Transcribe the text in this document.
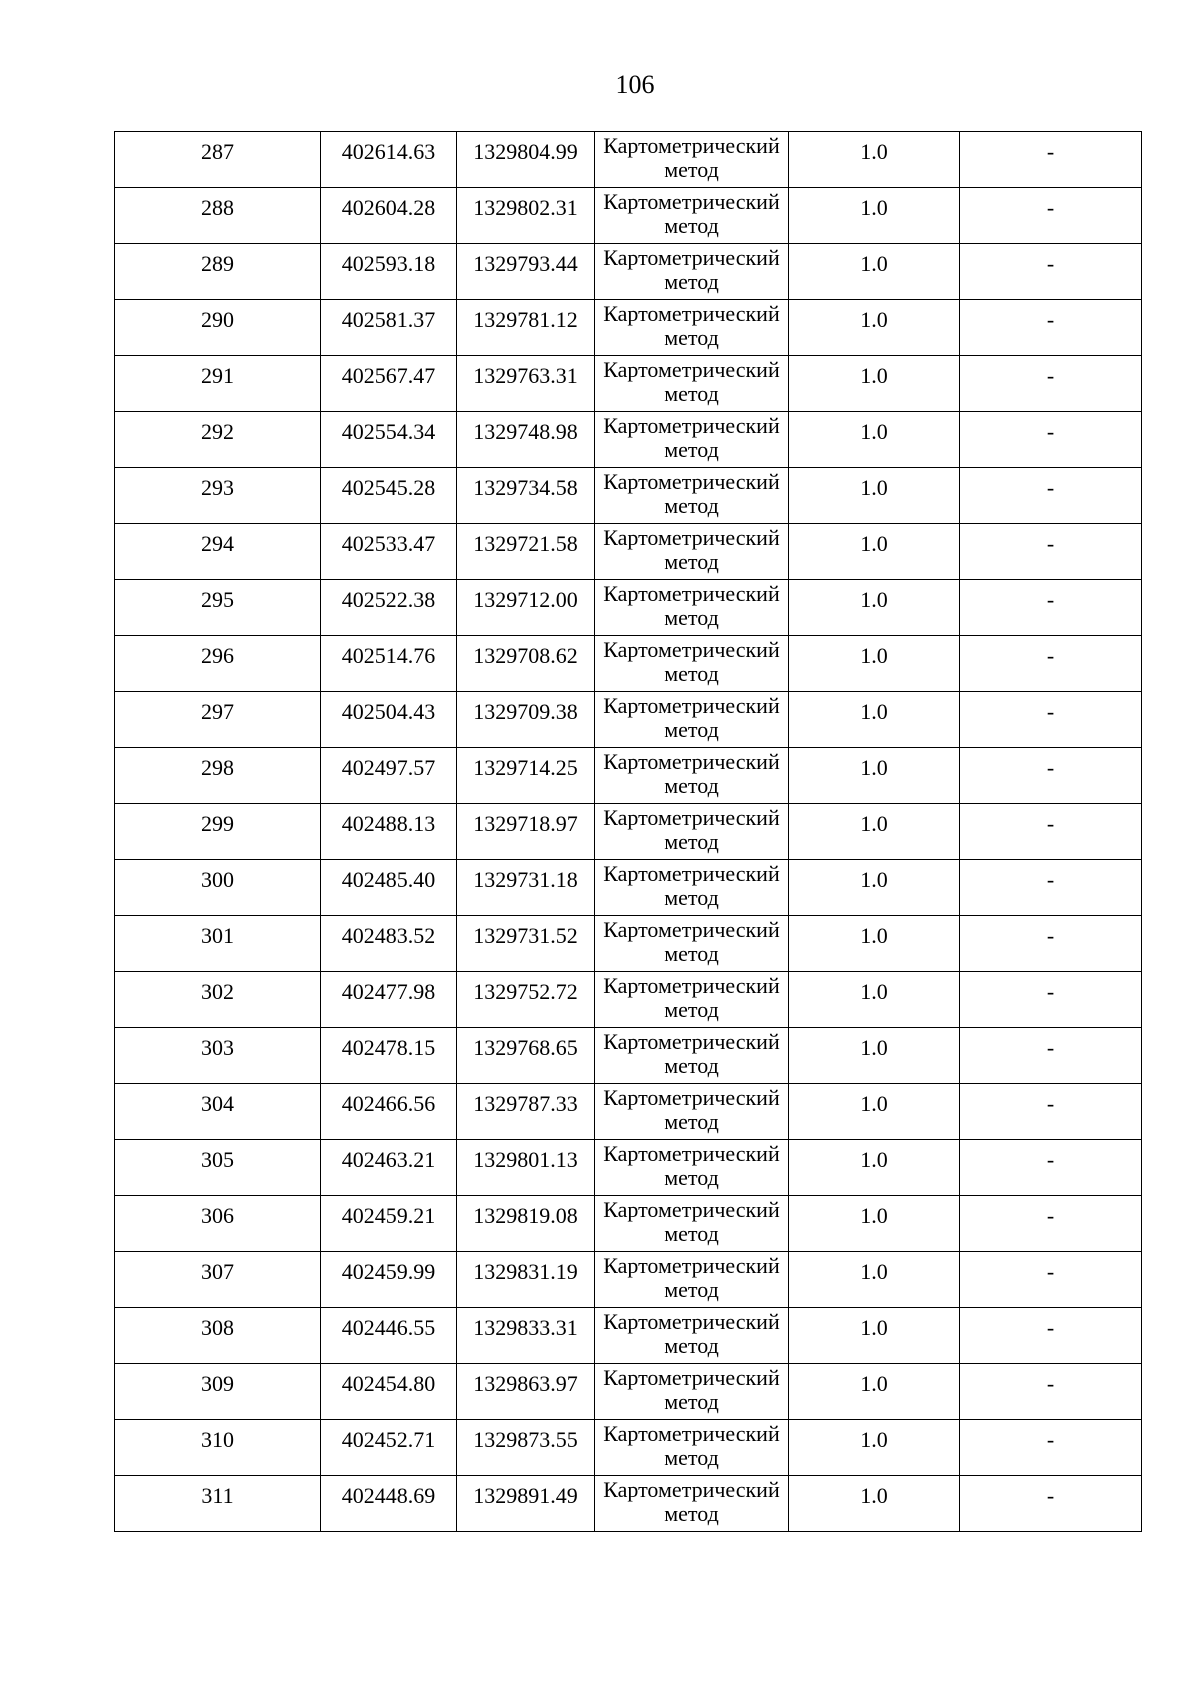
106
287	402614.63	1329804.99	Картометрический метод	1.0	-

288	402604.28	1329802.31	Картометрический метод	1.0	-

289	402593.18	1329793.44	Картометрический метод	1.0	-

290	402581.37	1329781.12	Картометрический метод	1.0	-

291	402567.47	1329763.31	Картометрический метод	1.0	-

292	402554.34	1329748.98	Картометрический метод	1.0	-

293	402545.28	1329734.58	Картометрический метод	1.0	-

294	402533.47	1329721.58	Картометрический метод	1.0	-

295	402522.38	1329712.00	Картометрический метод	1.0	-

296	402514.76	1329708.62	Картометрический метод	1.0	-

297	402504.43	1329709.38	Картометрический метод	1.0	-

298	402497.57	1329714.25	Картометрический метод	1.0	-

299	402488.13	1329718.97	Картометрический метод	1.0	-

300	402485.40	1329731.18	Картометрический метод	1.0	-

301	402483.52	1329731.52	Картометрический метод	1.0	-

302	402477.98	1329752.72	Картометрический метод	1.0	-

303	402478.15	1329768.65	Картометрический метод	1.0	-

304	402466.56	1329787.33	Картометрический метод	1.0	-

305	402463.21	1329801.13	Картометрический метод	1.0	-

306	402459.21	1329819.08	Картометрический метод	1.0	-

307	402459.99	1329831.19	Картометрический метод	1.0	-

308	402446.55	1329833.31	Картометрический метод	1.0	-

309	402454.80	1329863.97	Картометрический метод	1.0	-

310	402452.71	1329873.55	Картометрический метод	1.0	-

311	402448.69	1329891.49	Картометрический метод	1.0	-
